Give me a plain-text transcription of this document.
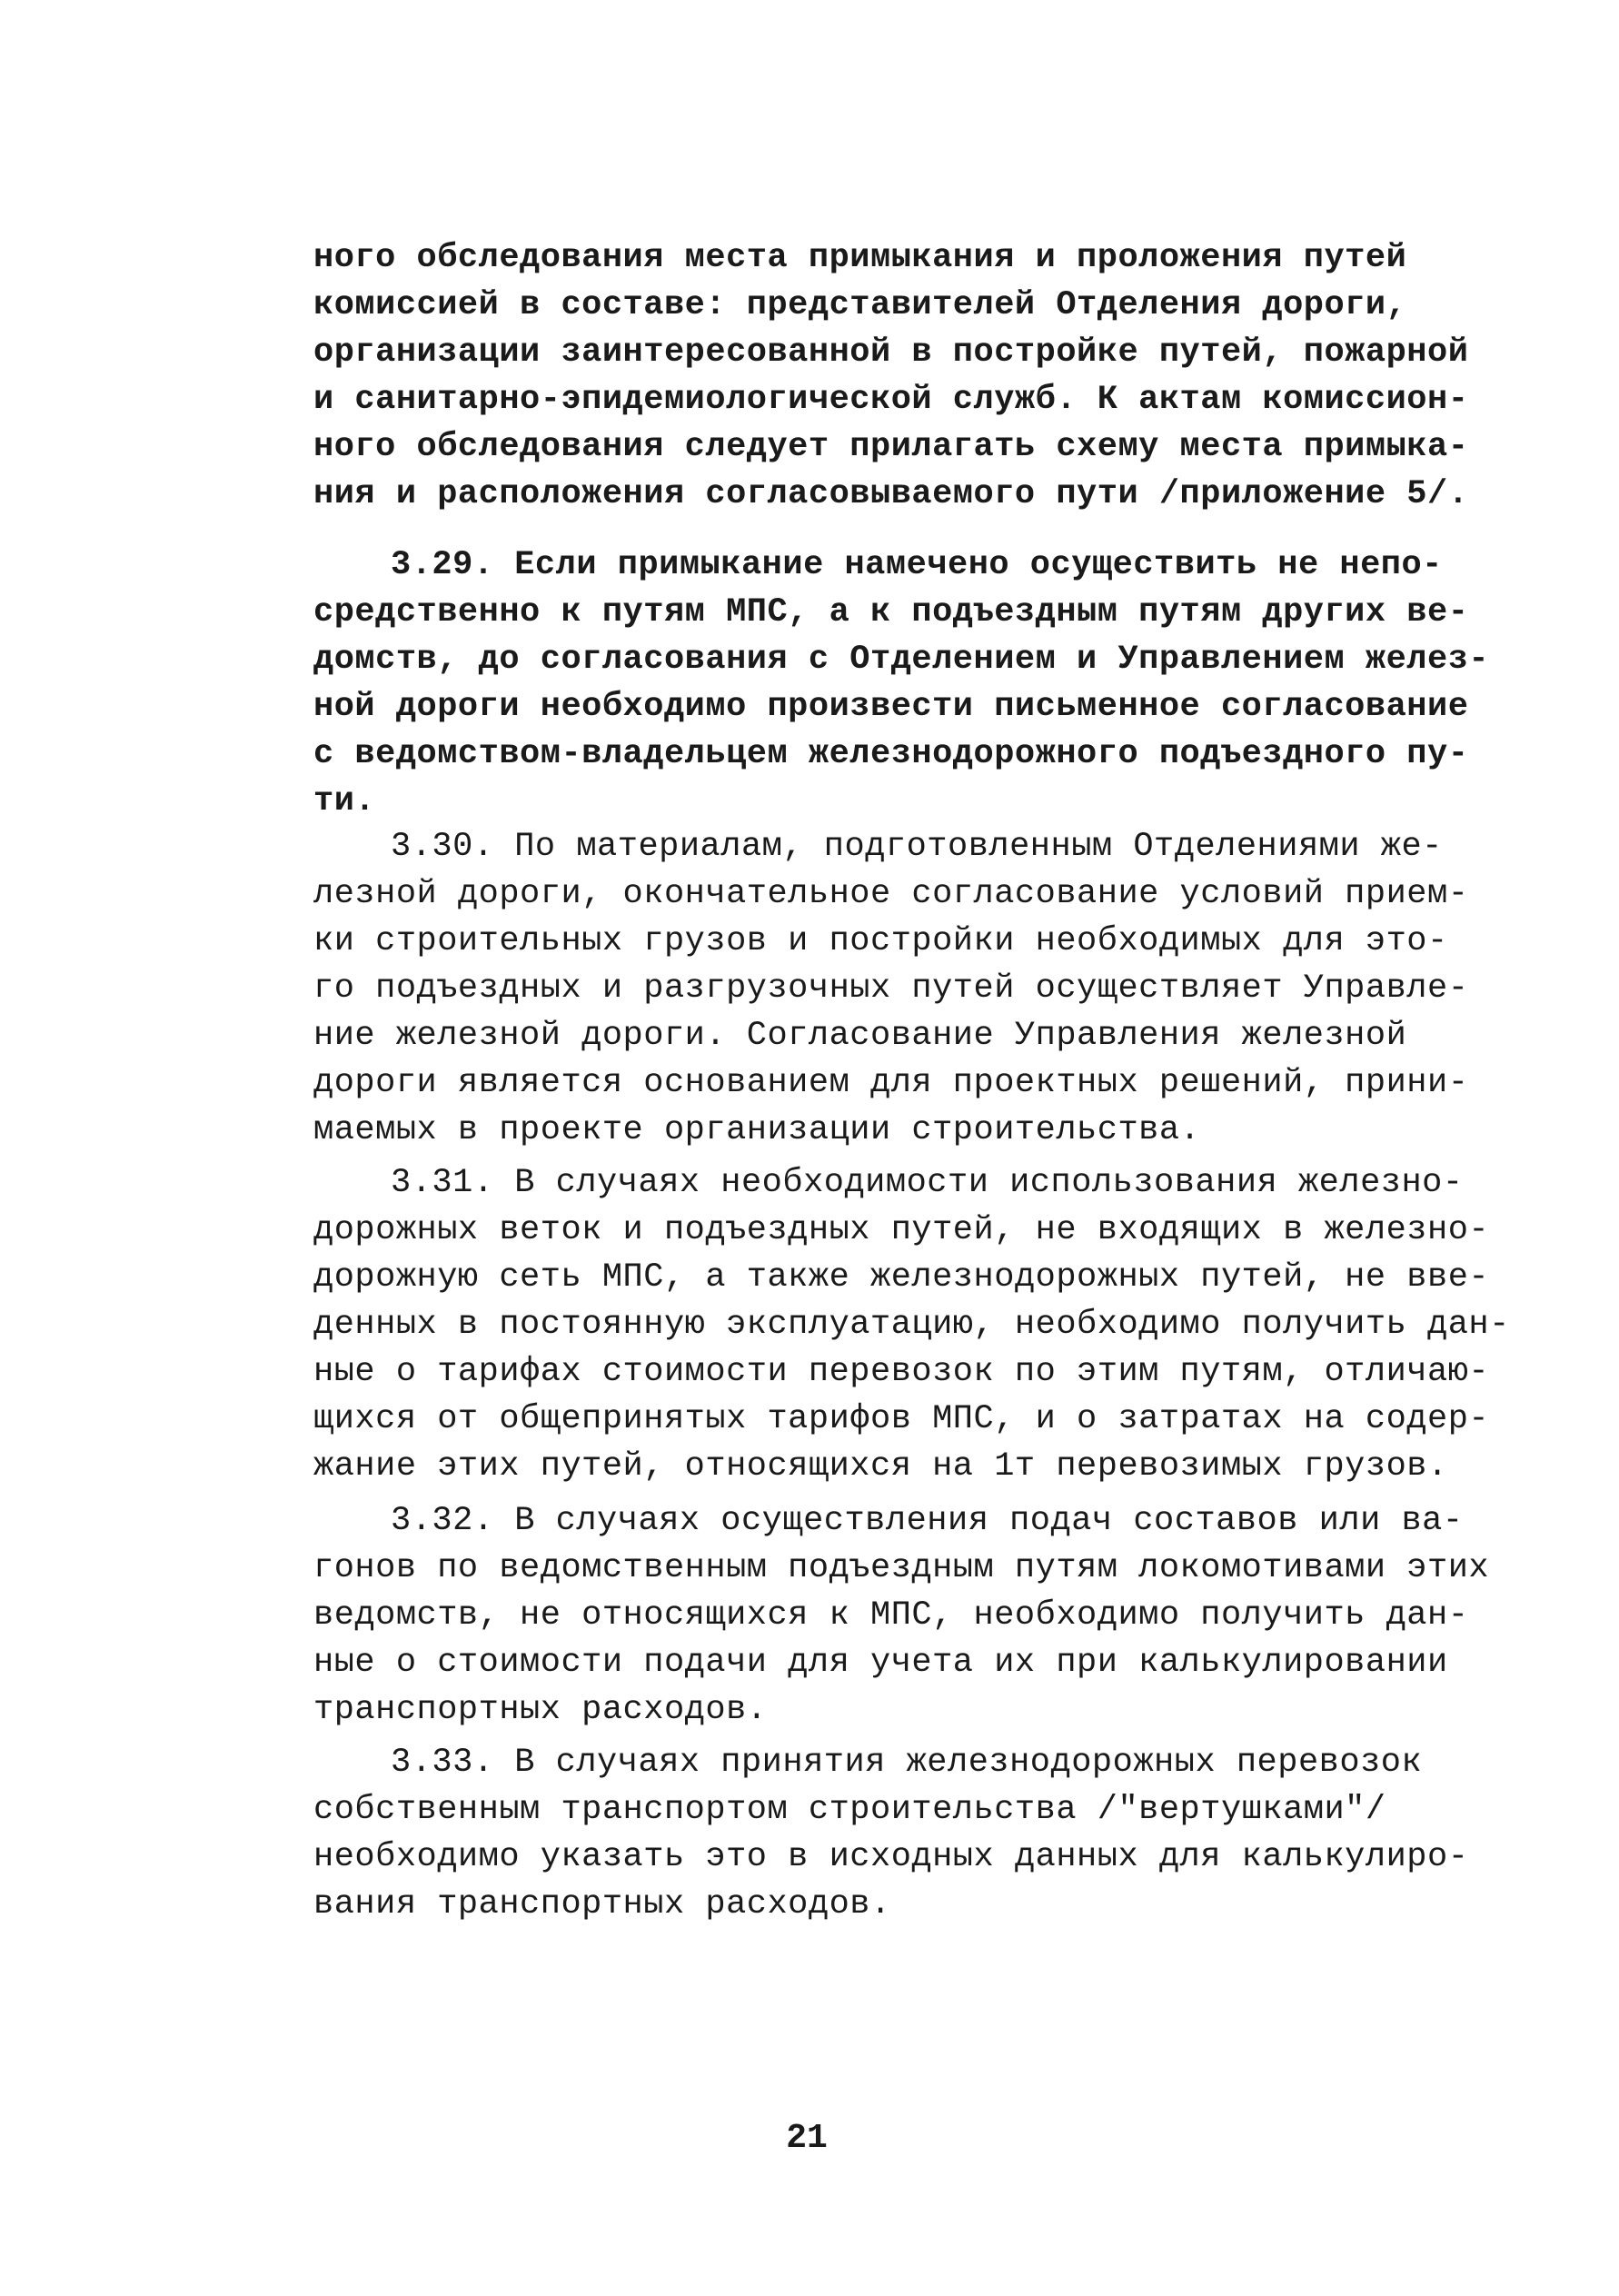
ного обследования места примыкания и проложения путей
комиссией в составе: представителей Отделения дороги,
организации заинтересованной в постройке путей, пожарной
и санитарно-эпидемиологической служб. К актам комиссион-
ного обследования следует прилагать схему места примыка-
ния и расположения согласовываемого пути /приложение 5/.
3.29. Если примыкание намечено осуществить не непо-
средственно к путям МПС, а к подъездным путям других ве-
домств, до согласования с Отделением и Управлением желез-
ной дороги необходимо произвести письменное согласование
с ведомством-владельцем железнодорожного подъездного пу-
ти.
3.30. По материалам, подготовленным Отделениями же-
лезной дороги, окончательное согласование условий прием-
ки строительных грузов и постройки необходимых для это-
го подъездных и разгрузочных путей осуществляет Управле-
ние железной дороги. Согласование Управления железной
дороги является основанием для проектных решений, прини-
маемых в проекте организации строительства.
3.31. В случаях необходимости использования железно-
дорожных веток и подъездных путей, не входящих в железно-
дорожную сеть МПС, а также железнодорожных путей, не вве-
денных в постоянную эксплуатацию, необходимо получить дан-
ные о тарифах стоимости перевозок по этим путям, отличаю-
щихся от общепринятых тарифов МПС, и о затратах на содер-
жание этих путей, относящихся на 1т перевозимых грузов.
3.32. В случаях осуществления подач составов или ва-
гонов по ведомственным подъездным путям локомотивами этих
ведомств, не относящихся к МПС, необходимо получить дан-
ные о стоимости подачи для учета их при калькулировании
транспортных расходов.
3.33. В случаях принятия железнодорожных перевозок
собственным транспортом строительства /"вертушками"/
необходимо указать это в исходных данных для калькулиро-
вания транспортных расходов.
21
